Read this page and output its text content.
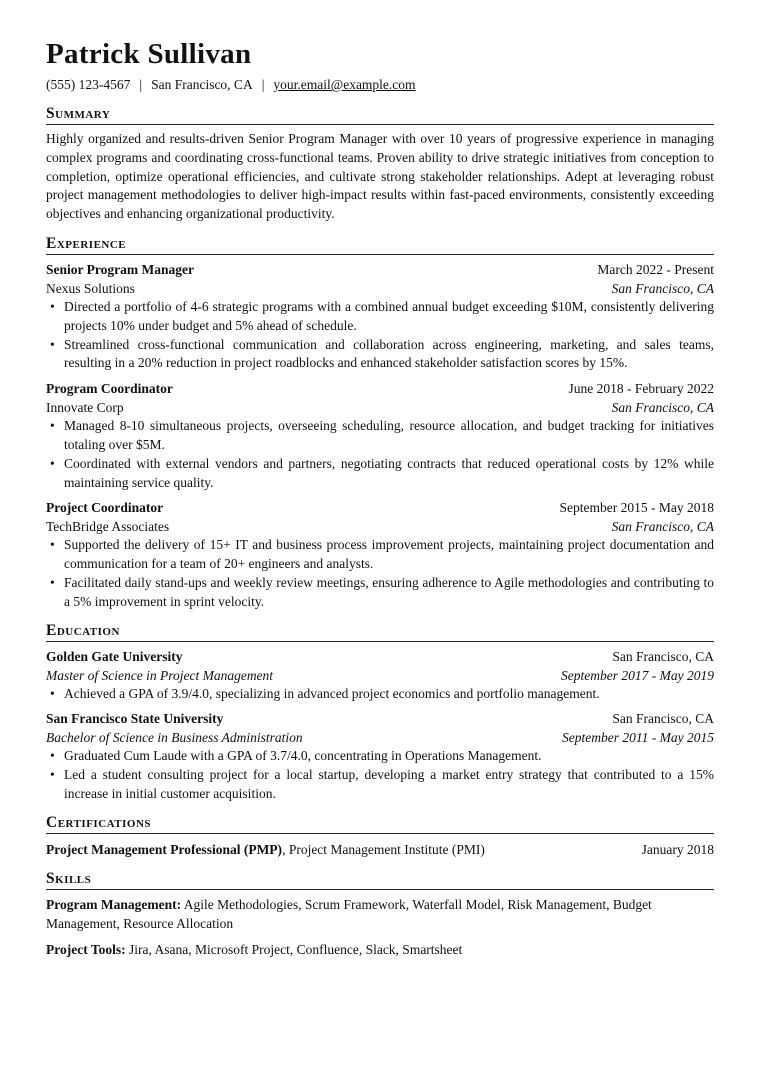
Patrick Sullivan
(555) 123-4567 | San Francisco, CA | your.email@example.com
Summary
Highly organized and results-driven Senior Program Manager with over 10 years of progressive experience in managing complex programs and coordinating cross-functional teams. Proven ability to drive strategic initiatives from conception to completion, optimize operational efficiencies, and cultivate strong stakeholder relationships. Adept at leveraging robust project management methodologies to deliver high-impact results within fast-paced environments, consistently exceeding objectives and enhancing organizational productivity.
Experience
Senior Program Manager	March 2022 - Present
Nexus Solutions	San Francisco, CA
• Directed a portfolio of 4-6 strategic programs with a combined annual budget exceeding $10M, consistently delivering projects 10% under budget and 5% ahead of schedule.
• Streamlined cross-functional communication and collaboration across engineering, marketing, and sales teams, resulting in a 20% reduction in project roadblocks and enhanced stakeholder satisfaction scores by 15%.
Program Coordinator	June 2018 - February 2022
Innovate Corp	San Francisco, CA
• Managed 8-10 simultaneous projects, overseeing scheduling, resource allocation, and budget tracking for initiatives totaling over $5M.
• Coordinated with external vendors and partners, negotiating contracts that reduced operational costs by 12% while maintaining service quality.
Project Coordinator	September 2015 - May 2018
TechBridge Associates	San Francisco, CA
• Supported the delivery of 15+ IT and business process improvement projects, maintaining project documentation and communication for a team of 20+ engineers and analysts.
• Facilitated daily stand-ups and weekly review meetings, ensuring adherence to Agile methodologies and contributing to a 5% improvement in sprint velocity.
Education
Golden Gate University	San Francisco, CA
Master of Science in Project Management	September 2017 - May 2019
• Achieved a GPA of 3.9/4.0, specializing in advanced project economics and portfolio management.
San Francisco State University	San Francisco, CA
Bachelor of Science in Business Administration	September 2011 - May 2015
• Graduated Cum Laude with a GPA of 3.7/4.0, concentrating in Operations Management.
• Led a student consulting project for a local startup, developing a market entry strategy that contributed to a 15% increase in initial customer acquisition.
Certifications
Project Management Professional (PMP), Project Management Institute (PMI)	January 2018
Skills
Program Management: Agile Methodologies, Scrum Framework, Waterfall Model, Risk Management, Budget Management, Resource Allocation
Project Tools: Jira, Asana, Microsoft Project, Confluence, Slack, Smartsheet
